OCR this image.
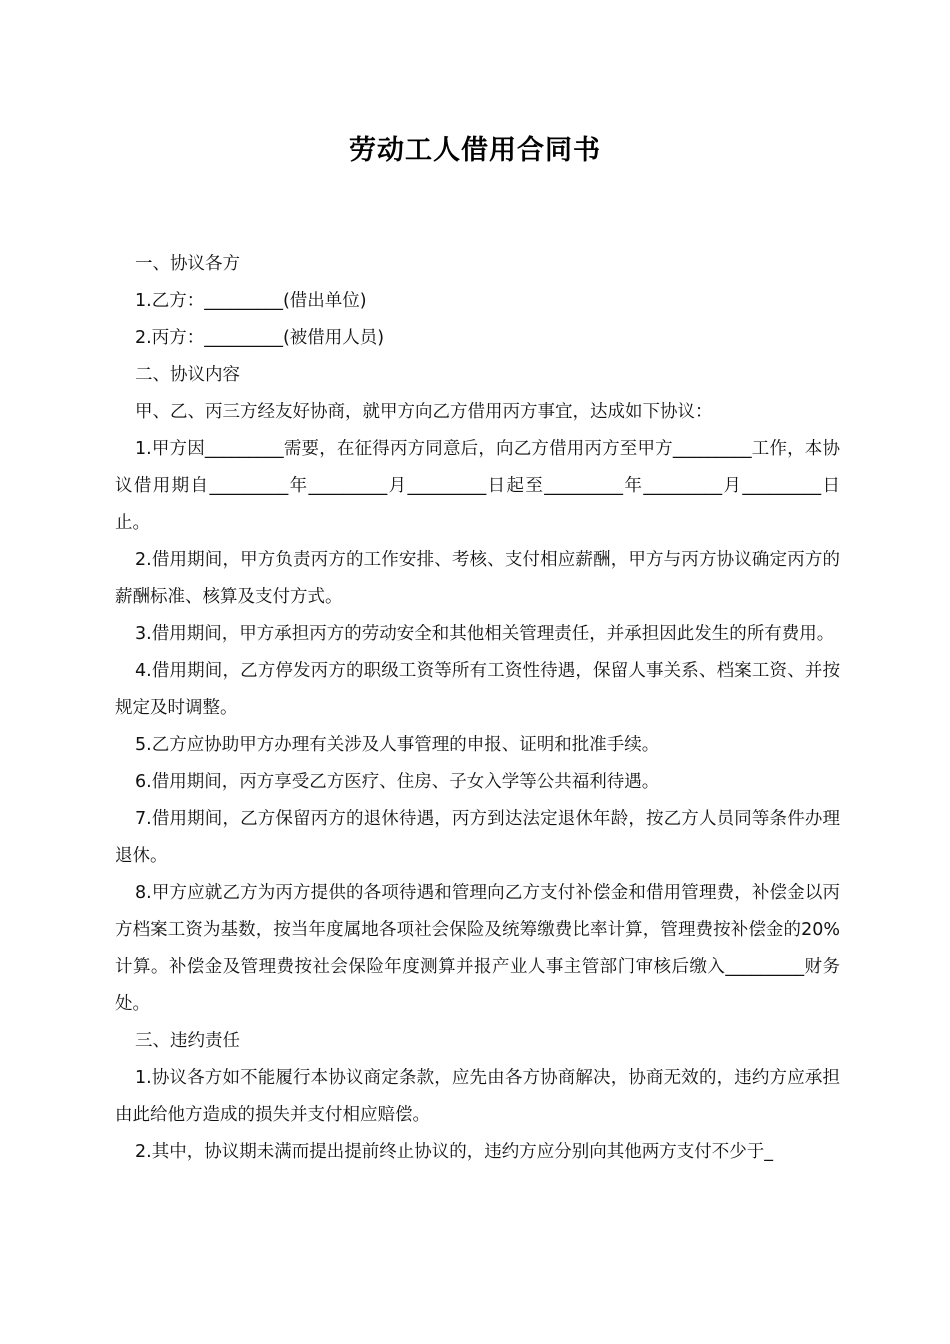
劳动工人借用合同书

一、协议各方

1.乙方：_________(借出单位)

2.丙方：_________(被借用人员)

二、协议内容

甲、乙、丙三方经友好协商，就甲方向乙方借用丙方事宜，达成如下协议：

1.甲方因_________需要，在征得丙方同意后，向乙方借用丙方至甲方_________工作，本协议借用期自_________年_________月_________日起至_________年_________月_________日止。

2.借用期间，甲方负责丙方的工作安排、考核、支付相应薪酬，甲方与丙方协议确定丙方的薪酬标准、核算及支付方式。

3.借用期间，甲方承担丙方的劳动安全和其他相关管理责任，并承担因此发生的所有费用。

4.借用期间，乙方停发丙方的职级工资等所有工资性待遇，保留人事关系、档案工资、并按规定及时调整。

5.乙方应协助甲方办理有关涉及人事管理的申报、证明和批准手续。

6.借用期间，丙方享受乙方医疗、住房、子女入学等公共福利待遇。

7.借用期间，乙方保留丙方的退休待遇，丙方到达法定退休年龄，按乙方人员同等条件办理退休。

8.甲方应就乙方为丙方提供的各项待遇和管理向乙方支付补偿金和借用管理费，补偿金以丙方档案工资为基数，按当年度属地各项社会保险及统筹缴费比率计算，管理费按补偿金的20%计算。补偿金及管理费按社会保险年度测算并报产业人事主管部门审核后缴入_________财务处。

三、违约责任

1.协议各方如不能履行本协议商定条款，应先由各方协商解决，协商无效的，违约方应承担由此给他方造成的损失并支付相应赔偿。

2.其中，协议期未满而提出提前终止协议的，违约方应分别向其他两方支付不少于_
